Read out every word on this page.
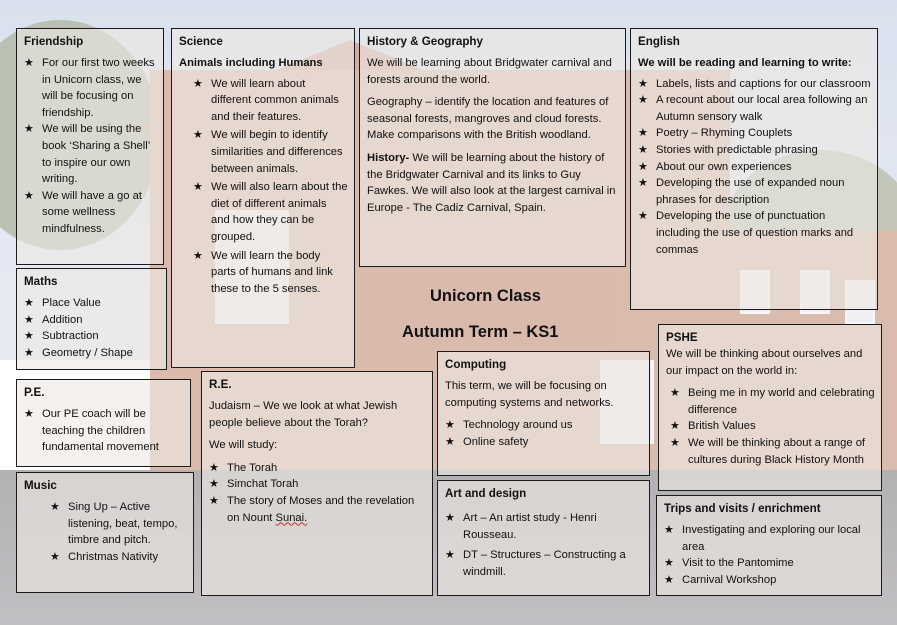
Friendship
★ For our first two weeks in Unicorn class, we will be focusing on friendship.
★ We will be using the book ‘Sharing a Shell’ to inspire our own writing.
★ We will have a go at some wellness mindfulness.
Science
Animals including Humans
★ We will learn about different common animals and their features.
★ We will begin to identify similarities and differences between animals.
★ We will also learn about the diet of different animals and how they can be grouped.
★ We will learn the body parts of humans and link these to the 5 senses.
History & Geography

We will be learning about Bridgwater carnival and forests around the world.

Geography – identify the location and features of seasonal forests, mangroves and cloud forests. Make comparisons with the British woodland.

History- We will be learning about the history of the Bridgwater Carnival and its links to Guy Fawkes. We will also look at the largest carnival in Europe - The Cadiz Carnival, Spain.

English
We will be reading and learning to write:
★ Labels, lists and captions for our classroom
★ A recount about our local area following an Autumn sensory walk
★ Poetry – Rhyming Couplets
★ Stories with predictable phrasing
★ About our own experiences
★ Developing the use of expanded noun phrases for description
★ Developing the use of punctuation including the use of question marks and commas
Maths
★ Place Value
★ Addition
★ Subtraction
★ Geometry / Shape
Unicorn Class
Autumn Term – KS1
P.E.
★ Our PE coach will be teaching the children fundamental movement
R.E.

Judaism – We we look at what Jewish people believe about the Torah?

We will study:

★ The Torah
★ Simchat Torah
★ The story of Moses and the revelation on Nount Sunai.
Computing

This term, we will be focusing on computing systems and networks.

★ Technology around us
★ Online safety
PSHE

We will be thinking about ourselves and our impact on the world in:

★ Being me in my world and celebrating difference
★ British Values
★ We will be thinking about a range of cultures during Black History Month
Music
★ Sing Up – Active listening, beat, tempo, timbre and pitch.
★ Christmas Nativity
Art and design
★ Art – An artist study - Henri Rousseau.
★ DT – Structures – Constructing a windmill.
Trips and visits / enrichment
★ Investigating and exploring our local area
★ Visit to the Pantomime
★ Carnival Workshop
